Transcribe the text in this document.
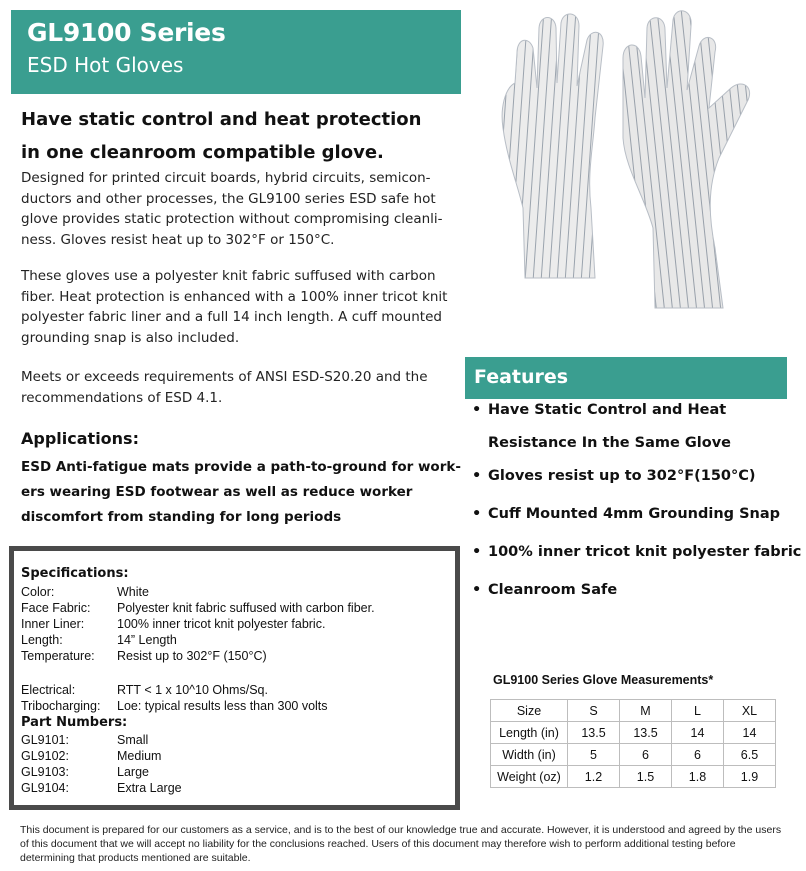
GL9100 Series
ESD Hot Gloves
Have static control and heat protection
in one cleanroom compatible glove.
Designed for printed circuit boards, hybrid circuits, semicon-
ductors and other processes, the GL9100 series ESD safe hot
glove provides static protection without compromising cleanli-
ness. Gloves resist heat up to 302°F or 150°C.
These gloves use a polyester knit fabric suffused with carbon
fiber. Heat protection is enhanced with a 100% inner tricot knit
polyester fabric liner and a full 14 inch length. A cuff mounted
grounding snap is also included.
Meets or exceeds requirements of ANSI ESD-S20.20 and the
recommendations of ESD 4.1.
Applications:
ESD Anti-fatigue mats provide a path-to-ground for work-
ers wearing ESD footwear as well as reduce worker
discomfort from standing for long periods
Features
• Have Static Control and Heat
Resistance In the Same Glove
• Gloves resist up to 302°F(150°C)
• Cuff Mounted 4mm Grounding Snap
• 100% inner tricot knit polyester fabric
• Cleanroom Safe
Specifications:
Color:	White
Face Fabric: Polyester knit fabric suffused with carbon fiber.
Inner Liner:	100% inner tricot knit polyester fabric.
Length:	14” Length
Temperature: Resist up to 302°F (150°C)
Electrical:	RTT < 1 x 10^10 Ohms/Sq.
Tribocharging: Loe: typical results less than 300 volts
Part Numbers:
GL9101:	Small
GL9102:	Medium
GL9103:	Large
GL9104:	Extra Large
GL9100 Series Glove Measurements*
Size	S	M	L	XL
Length (in)	13.5	13.5	14	14
Width (in)	5	6	6	6.5
Weight (oz)	1.2	1.5	1.8	1.9
This document is prepared for our customers as a service, and is to the best of our knowledge true and accurate. However, it is understood and agreed by the users of this document that we will accept no liability for the conclusions reached. Users of this document may therefore wish to perform additional testing before determining that products mentioned are suitable.
